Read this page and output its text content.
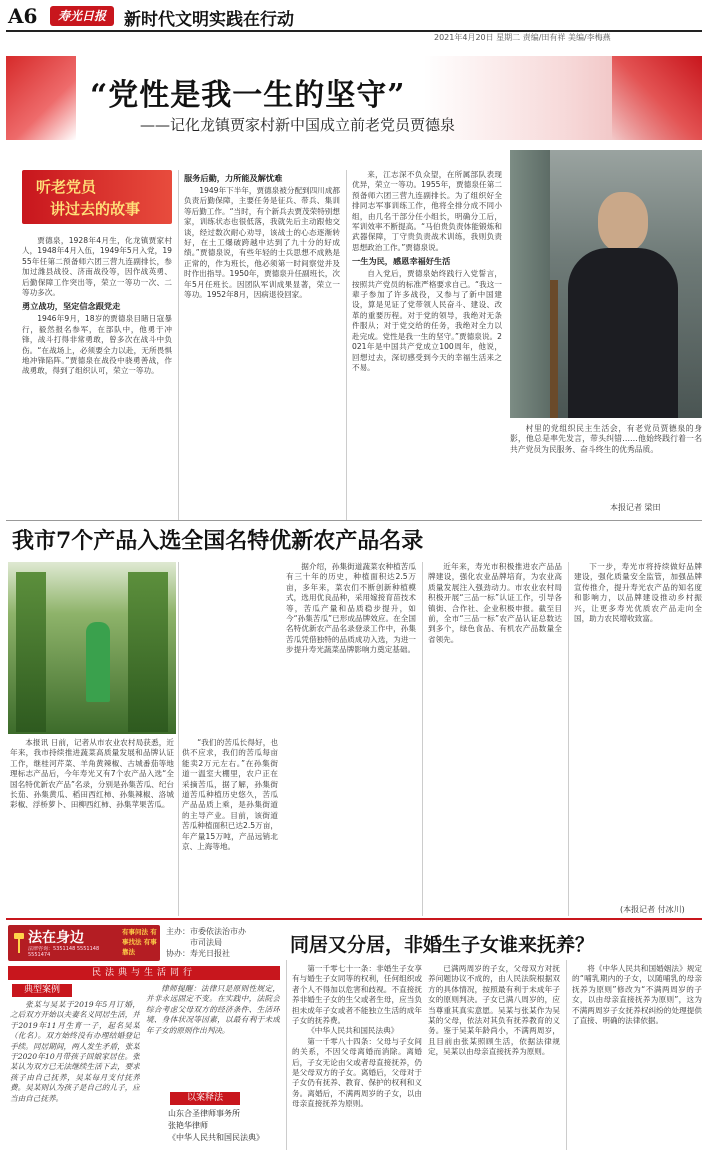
A6	寿光日报	新时代文明实践在行动
2021年4月20日 星期二 责编/田有祥 美编/李梅燕
“党性是我一生的坚守”
——记化龙镇贾家村新中国成立前老党员贾德泉
听老党员
讲过去的故事

贾德泉，1928年4月生，化龙镇贾家村人，1948年4月入伍，1949年5月入党，1955年任第二预备师六团三营九连副排长，参加过潍县战役、济南战役等，因作战英勇、后勤保障工作突出等，荣立一等功一次、二等功多次。

勇立战功，坚定信念跟党走

1946年9月，18岁的贾德泉目睹日寇暴行，毅然报名参军，在部队中，他勇于冲锋，战斗打得非常勇敢，曾多次在战斗中负伤。“在战场上，必须要全力以赴，无所畏惧地冲锋陷阵。”贾德泉在战役中骁勇善战，作战勇敢，得到了组织认可，荣立一等功。

服务后勤，力所能及解忧难

1949年下半年，贾德泉被分配到四川成都负责后勤保障，主要任务是征兵、带兵、集训等后勤工作。“当时，有个新兵去贾茂荣特别想家，训练状态也很低落，我就先后主动跟他交谈，经过数次耐心劝导，该战士的心态逐渐转好，在土工爆破跨越中达到了九十分的好成绩。”贾德泉说，有些年轻的士兵思想不成熟是正常的，作为班长，他必须第一时间察觉并及时作出指导。1950年，贾德泉升任副班长，次年5月任班长。因团队军训成果显著，荣立一等功。1952年8月，因病退役回家。

来，江志深不负众望，在所属部队表现优异，荣立一等功。1955年，贾德泉任第二预备师六团三营九连副排长。为了组织好全排同志军事训练工作，他将全排分成不同小组，由几名干部分任小组长，明确分工后，军训效率不断提高。“马伯贵负责体能锻炼和武器保障，丁守贵负责战术训练，我则负责思想政治工作。”贾德泉说。

一生为民，感恩幸福好生活

自入党后，贾德泉始终践行入党誓言，按照共产党员的标准严格要求自己。“我这一辈子参加了许多战役，又参与了新中国建设，算是见证了党带领人民奋斗、建设、改革的重要历程。对于党的领导，我绝对无条件服从；对于党交给的任务，我绝对全力以赴完成。党性是我一生的坚守。”贾德泉说。2021年是中国共产党成立100周年，他说，回想过去，深切感受到今天的幸福生活来之不易。

村里的党组织民主生活会，有老党员贾德泉的身影，他总是率先发言，带头纠错……他始终践行着一名共产党员为民服务、奋斗终生的优秀品质。

本报记者 梁田
我市7个产品入选全国名特优新农产品名录

本报讯 日前，记者从市农业农村局获悉，近年来，我市持续推进蔬菜高质量发展和品牌认证工作，继桂河芹菜、羊角黄辣椒、古城番茄等地理标志产品后，今年寿光又有7个农产品入选“全国名特优新农产品”名录，分别是孙集苦瓜、纪台长茄、孙集黄瓜、稻田西红柿、孙集辣椒、洛城彩椒、浮桥萝卜、田柳西红柿、孙集苹果苦瓜。

“我们的苦瓜长得好，也供不应求，我们的苦瓜每亩能卖2万元左右。”在孙集街道一温室大棚里，农户正在采摘苦瓜，据了解，孙集街道苦瓜种植历史悠久，苦瓜产品品质上乘，是孙集街道的主导产业。目前，该街道苦瓜种植面积已达2.5万亩，年产量15万吨，产品远销北京、上海等地。

据介绍，孙集街道蔬菜农种植苦瓜有三十年的历史，种植面积达2.5万亩，多年来，菜农们不断创新种植模式，选用优良品种，采用嫁接育苗技术等，苦瓜产量和品质稳步提升，如今“孙集苦瓜”已形成品牌效应。在全国名特优新农产品名录登录工作中，孙集苦瓜凭借独特的品质成功入选，为进一步提升寿光蔬菜品牌影响力奠定基础。

近年来，寿光市积极推进农产品品牌建设，强化农业品牌培育，为农业高质量发展注入强劲动力。市农业农村局积极开展“三品一标”认证工作，引导各镇街、合作社、企业积极申报。截至目前，全市“三品一标”农产品认证总数达到多个，绿色食品、有机农产品数量全省领先。

下一步，寿光市将持续做好品牌建设，强化质量安全监管，加强品牌宣传推介，提升寿光农产品的知名度和影响力，以品牌建设推动乡村振兴，让更多寿光优质农产品走向全国，助力农民增收致富。

(本报记者 付冰川)
法在身边
法律咨询：5351148 5551148 5551474
有事问法 有事找法 有事靠法
主办：市委依法治市办
市司法局
协办：寿光日报社	同居又分居，非婚生子女谁来抚养？
民法典与生活同行
典型案例

张某与吴某于2019年5月订婚，之后双方开始以夫妻名义同居生活，并于2019年11月生育一子，起名吴某（化名）。双方始终没有办理结婚登记手续。同居期间，两人发生矛盾，张某于2020年10月带孩子回娘家居住。张某认为双方已无法继续生活下去，要求孩子由自己抚养，吴某每月支付抚养费。吴某则认为孩子是自己的儿子，应当由自己抚养。

律师提醒：法律只是原则性规定，并非永远固定不变。在实践中，法院会综合考虑父母双方的经济条件、生活环境、身体状况等因素，以最有利于未成年子女的原则作出判决。

以案释法
山东合圣律师事务所
张艳华律师
《中华人民共和国民法典》

第一千零七十一条：非婚生子女享有与婚生子女同等的权利，任何组织或者个人不得加以危害和歧视。不直接抚养非婚生子女的生父或者生母，应当负担未成年子女或者不能独立生活的成年子女的抚养费。

《中华人民共和国民法典》

第一千零八十四条：父母与子女间的关系，不因父母离婚而消除。离婚后，子女无论由父或者母直接抚养，仍是父母双方的子女。离婚后，父母对于子女仍有抚养、教育、保护的权利和义务。离婚后，不满两周岁的子女，以由母亲直接抚养为原则。

已满两周岁的子女，父母双方对抚养问题协议不成的，由人民法院根据双方的具体情况，按照最有利于未成年子女的原则判决。子女已满八周岁的，应当尊重其真实意愿。吴某与张某作为吴某的父母，依法对其负有抚养教育的义务。鉴于吴某年龄尚小，不满两周岁，且目前由张某照顾生活，依据法律规定，吴某以由母亲直接抚养为原则。

将《中华人民共和国婚姻法》规定的“哺乳期内的子女，以随哺乳的母亲抚养为原则”修改为“不满两周岁的子女，以由母亲直接抚养为原则”，这为不满两周岁子女抚养权纠纷的处理提供了直接、明确的法律依据。
